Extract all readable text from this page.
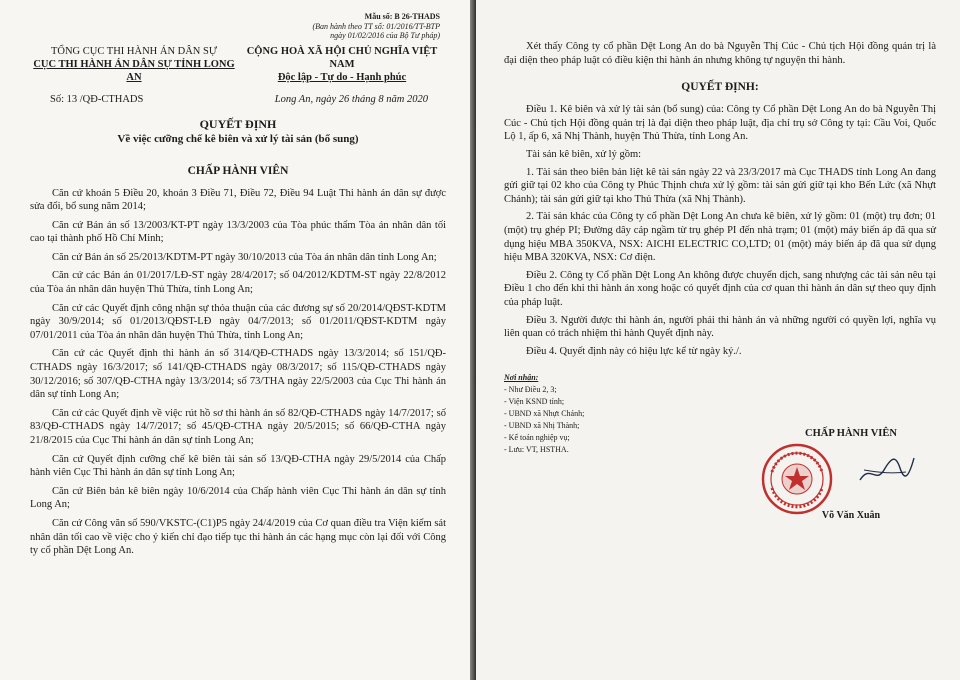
Mẫu số: B 26-THADS
(Ban hành theo TT số: 01/2016/TT-BTP
ngày 01/02/2016 của Bộ Tư pháp)
TỔNG CỤC THI HÀNH ÁN DÂN SỰ
CỤC THI HÀNH ÁN DÂN SỰ TỈNH LONG AN
CỘNG HOÀ XÃ HỘI CHỦ NGHĨA VIỆT NAM
Độc lập - Tự do - Hạnh phúc
Số: 13 /QĐ-CTHADS	Long An, ngày 26 tháng 8 năm 2020
QUYẾT ĐỊNH
Về việc cưỡng chế kê biên và xử lý tài sản (bổ sung)
CHẤP HÀNH VIÊN

Căn cứ khoản 5 Điều 20, khoản 3 Điều 71, Điều 72, Điều 94 Luật Thi hành án dân sự được sửa đổi, bổ sung năm 2014;

Căn cứ Bản án số 13/2003/KT-PT ngày 13/3/2003 của Tòa phúc thẩm Tòa án nhân dân tối cao tại thành phố Hồ Chí Minh;

Căn cứ Bản án số 25/2013/KDTM-PT ngày 30/10/2013 của Tòa án nhân dân tỉnh Long An;

Căn cứ các Bản án 01/2017/LĐ-ST ngày 28/4/2017; số 04/2012/KDTM-ST ngày 22/8/2012 của Tòa án nhân dân huyện Thủ Thừa, tỉnh Long An;

Căn cứ các Quyết định công nhận sự thỏa thuận của các đương sự số 20/2014/QĐST-KDTM ngày 30/9/2014; số 01/2013/QĐST-LĐ ngày 04/7/2013; số 01/2011/QĐST-KDTM ngày 07/01/2011 của Tòa án nhân dân huyện Thủ Thừa, tỉnh Long An;

Căn cứ các Quyết định thi hành án số 314/QĐ-CTHADS ngày 13/3/2014; số 151/QĐ-CTHADS ngày 16/3/2017; số 141/QĐ-CTHADS ngày 08/3/2017; số 115/QĐ-CTHADS ngày 30/12/2016; số 307/QĐ-CTHA ngày 13/3/2014; số 73/THA ngày 22/5/2003 của Cục Thi hành án dân sự tỉnh Long An;

Căn cứ các Quyết định về việc rút hồ sơ thi hành án số 82/QĐ-CTHADS ngày 14/7/2017; số 83/QĐ-CTHADS ngày 14/7/2017; số 45/QĐ-CTHA ngày 20/5/2015; số 66/QĐ-CTHA ngày 21/8/2015 của Cục Thi hành án dân sự tỉnh Long An;

Căn cứ Quyết định cưỡng chế kê biên tài sản số 13/QĐ-CTHA ngày 29/5/2014 của Chấp hành viên Cục Thi hành án dân sự tỉnh Long An;

Căn cứ Biên bản kê biên ngày 10/6/2014 của Chấp hành viên Cục Thi hành án dân sự tỉnh Long An;

Căn cứ Công văn số 590/VKSTC-(C1)P5 ngày 24/4/2019 của Cơ quan điều tra Viện kiểm sát nhân dân tối cao về việc cho ý kiến chỉ đạo tiếp tục thi hành án các hạng mục còn lại đối với Công ty cổ phần Dệt Long An.

Xét thấy Công ty cổ phần Dệt Long An do bà Nguyễn Thị Cúc - Chủ tịch Hội đồng quản trị là đại diện theo pháp luật có điều kiện thi hành án nhưng không tự nguyện thi hành.

QUYẾT ĐỊNH:

Điều 1. Kê biên và xử lý tài sản (bổ sung) của: Công ty Cổ phần Dệt Long An do bà Nguyễn Thị Cúc - Chủ tịch Hội đồng quản trị là đại diện theo pháp luật, địa chỉ trụ sở Công ty tại: Cầu Voi, Quốc Lộ 1, ấp 6, xã Nhị Thành, huyện Thủ Thừa, tỉnh Long An.

Tài sản kê biên, xử lý gồm:

1. Tài sản theo biên bản liệt kê tài sản ngày 22 và 23/3/2017 mà Cục THADS tỉnh Long An đang gửi giữ tại 02 kho của Công ty Phúc Thịnh chưa xử lý gồm: tài sản gửi giữ tại kho Bến Lức (xã Nhựt Chánh); tài sản gửi giữ tại kho Thủ Thừa (xã Nhị Thành).

2. Tài sản khác của Công ty cổ phần Dệt Long An chưa kê biên, xử lý gồm: 01 (một) trụ đơn; 01 (một) trụ ghép PI; Đường dây cáp ngầm từ trụ ghép PI đến nhà trạm; 01 (một) máy biến áp đã qua sử dụng hiệu MBA 350KVA, NSX: AICHI ELECTRIC CO,LTD; 01 (một) máy biến áp đã qua sử dụng hiệu MBA 320KVA, NSX: Cơ điện.

Điều 2. Công ty Cổ phần Dệt Long An không được chuyển dịch, sang nhượng các tài sản nêu tại Điều 1 cho đến khi thi hành án xong hoặc có quyết định của cơ quan thi hành án dân sự theo quy định của pháp luật.

Điều 3. Người được thi hành án, người phải thi hành án và những người có quyền lợi, nghĩa vụ liên quan có trách nhiệm thi hành Quyết định này.

Điều 4. Quyết định này có hiệu lực kể từ ngày ký./.

Nơi nhận:
- Như Điều 2, 3;
- Viện KSND tỉnh;
- UBND xã Nhựt Chánh;
- UBND xã Nhị Thành;
- Kế toán nghiệp vụ;
- Lưu: VT, HSTHA.
CHẤP HÀNH VIÊN
Võ Văn Xuân
